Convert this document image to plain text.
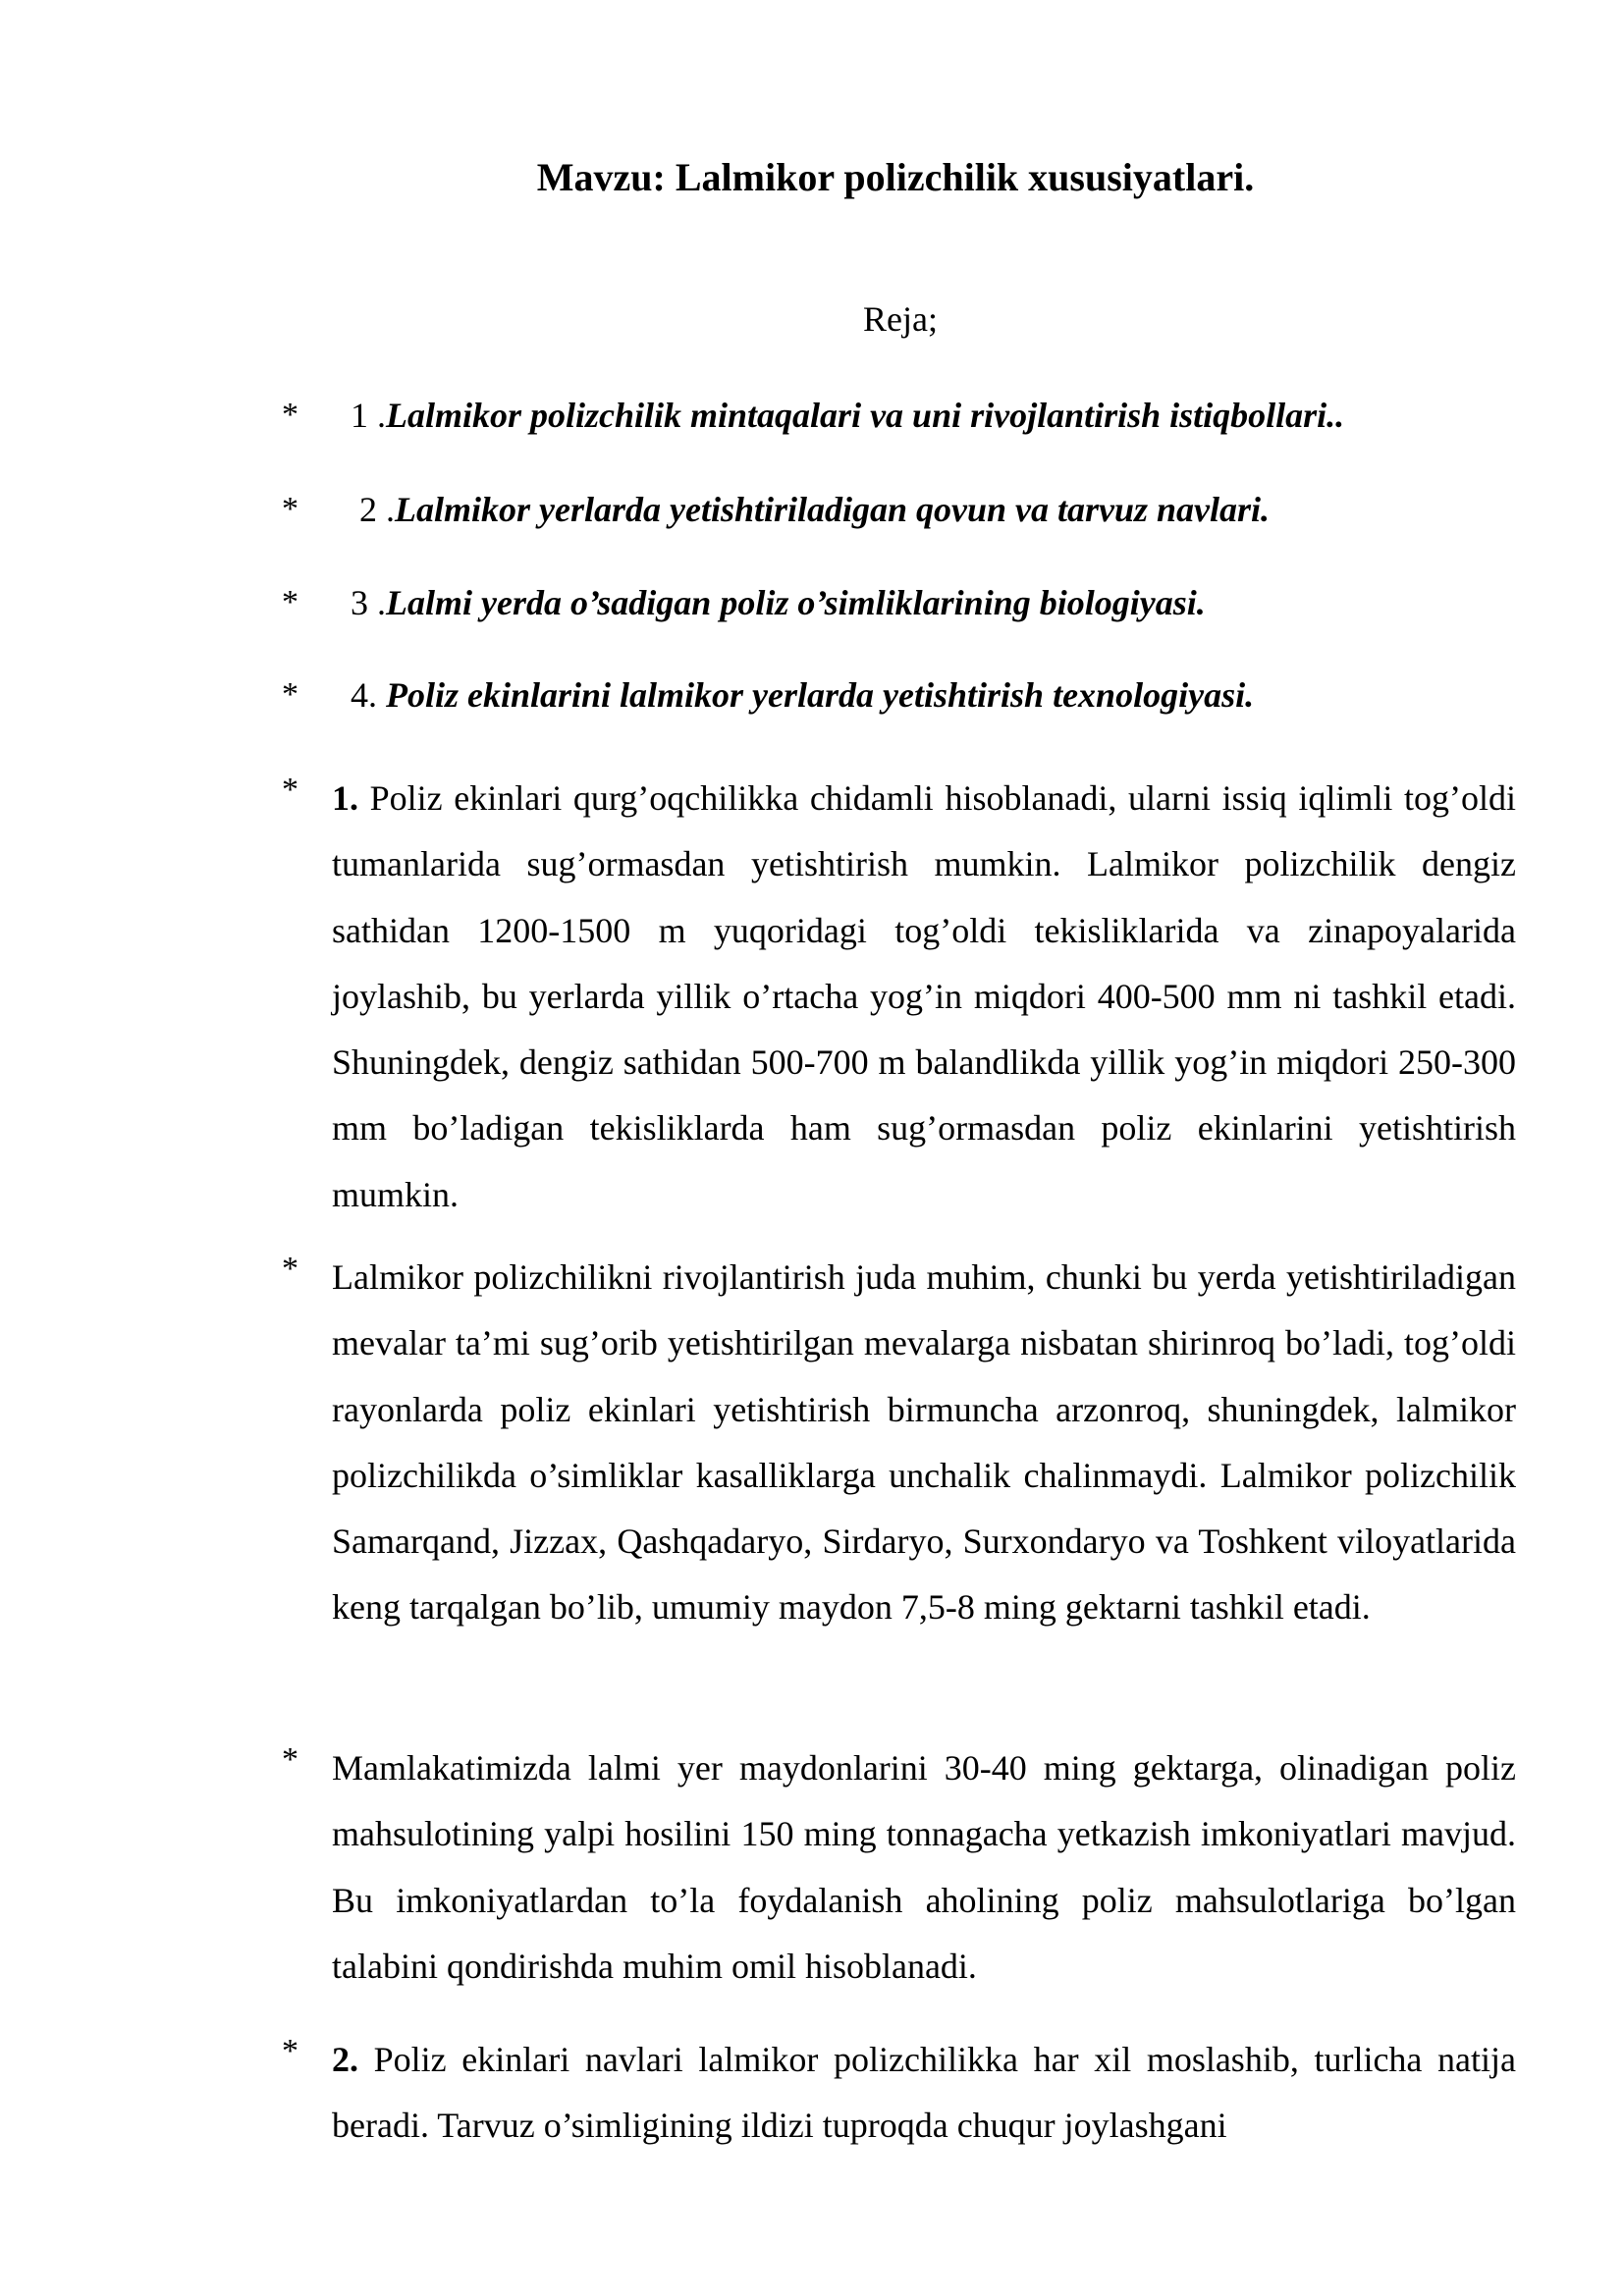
Mavzu: Lalmikor polizchilik xususiyatlari.
Reja;
* 1 .Lalmikor polizchilik mintaqalari va uni rivojlantirish istiqbollari..
* 2 .Lalmikor yerlarda yetishtiriladigan qovun va tarvuz navlari.
* 3 .Lalmi yerda o’sadigan poliz o’simliklarining biologiyasi.
* 4. Poliz ekinlarini lalmikor yerlarda yetishtirish texnologiyasi.
* 1. Poliz ekinlari qurg’oqchilikka chidamli hisoblanadi, ularni issiq iqlimli tog’oldi tumanlarida sug’ormasdan yetishtirish mumkin. Lalmikor polizchilik dengiz sathidan 1200-1500 m yuqoridagi tog’oldi tekisliklarida va zinapoyalarida joylashib, bu yerlarda yillik o’rtacha yog’in miqdori 400-500 mm ni tashkil etadi. Shuningdek, dengiz sathidan 500-700 m balandlikda yillik yog’in miqdori 250-300 mm bo’ladigan tekisliklarda ham sug’ormasdan poliz ekinlarini yetishtirish mumkin.

* Lalmikor polizchilikni rivojlantirish juda muhim, chunki bu yerda yetishtiriladigan mevalar ta’mi sug’orib yetishtirilgan mevalarga nisbatan shirinroq bo’ladi, tog’oldi rayonlarda poliz ekinlari yetishtirish birmuncha arzonroq, shuningdek, lalmikor polizchilikda o’simliklar kasalliklarga unchalik chalinmaydi. Lalmikor polizchilik Samarqand, Jizzax, Qashqadaryo, Sirdaryo, Surxondaryo va Toshkent viloyatlarida keng tarqalgan bo’lib, umumiy maydon 7,5-8 ming gektarni tashkil etadi.

* Mamlakatimizda lalmi yer maydonlarini 30-40 ming gektarga, olinadigan poliz mahsulotining yalpi hosilini 150 ming tonnagacha yetkazish imkoniyatlari mavjud. Bu imkoniyatlardan to’la foydalanish aholining poliz mahsulotlariga bo’lgan talabini qondirishda muhim omil hisoblanadi.

* 2. Poliz ekinlari navlari lalmikor polizchilikka har xil moslashib, turlicha natija beradi. Tarvuz o’simligining ildizi tuproqda chuqur joylashgani
